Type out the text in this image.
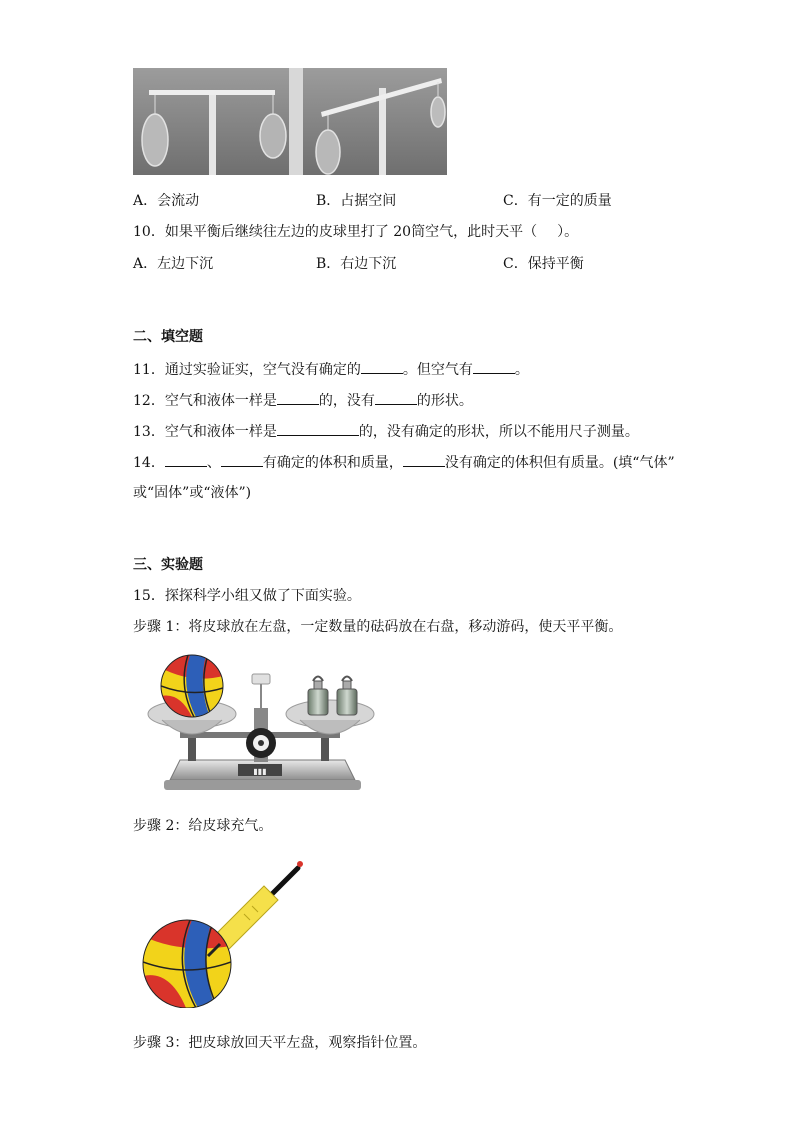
A．会流动	B．占据空间	C．有一定的质量
10．如果平衡后继续往左边的皮球里打了 20筒空气，此时天平（ ）。
A．左边下沉	B．右边下沉	C．保持平衡
二、填空题
11．通过实验证实，空气没有确定的	。但空气有	。
12．空气和液体一样是	的，没有	的形状。
13．空气和液体一样是	的，没有确定的形状，所以不能用尺子测量。
14．	、	有确定的体积和质量，	没有确定的体积但有质量。(填“气体”
或“固体”或“液体”)
三、实验题
15．探探科学小组又做了下面实验。
步骤 1：将皮球放在左盘，一定数量的砝码放在右盘，移动游码，使天平平衡。
▮▮▮
步骤 2：给皮球充气。
步骤 3：把皮球放回天平左盘，观察指针位置。
